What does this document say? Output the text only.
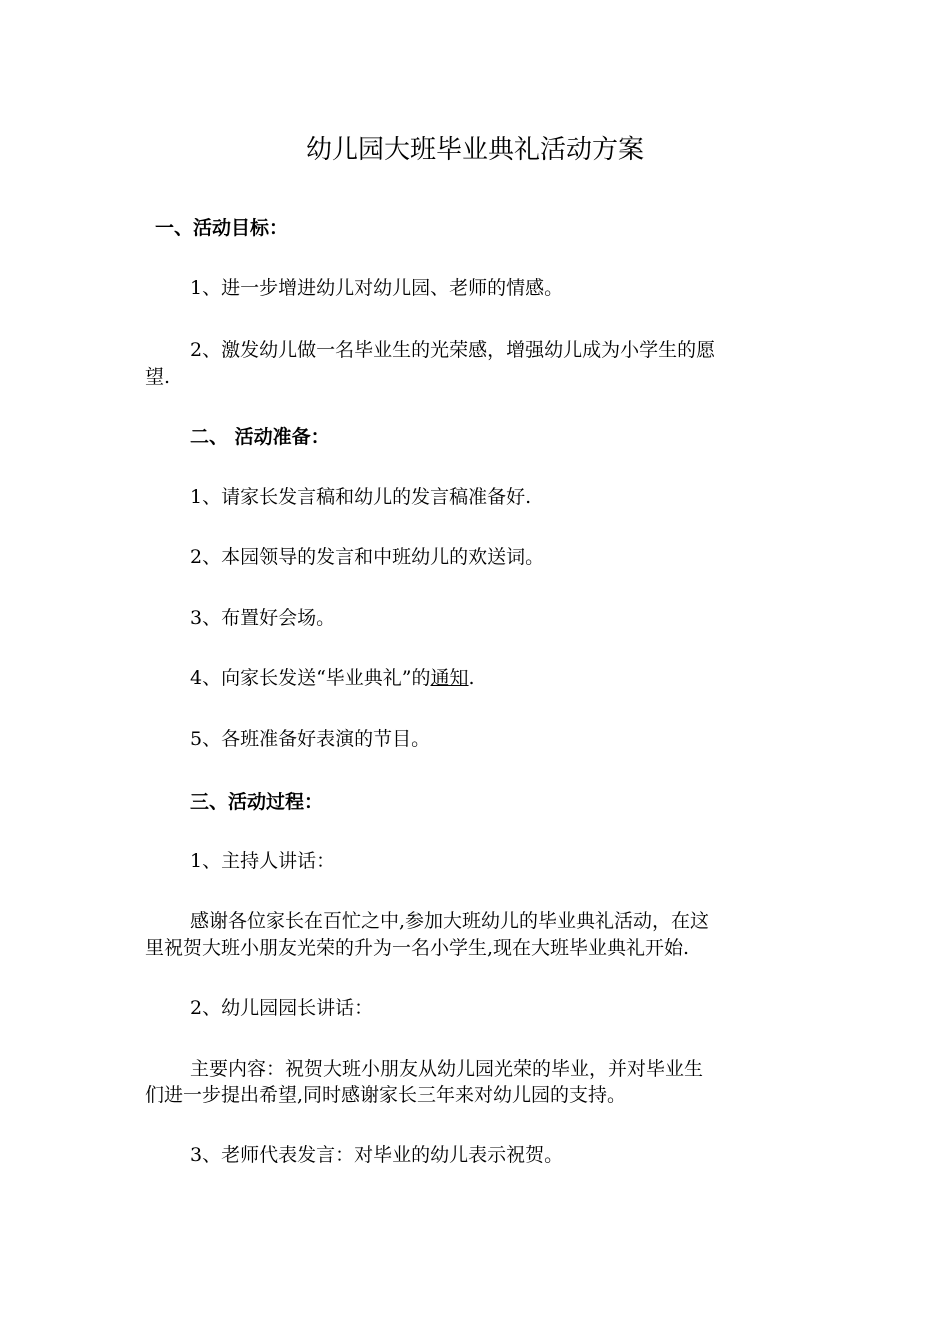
幼儿园大班毕业典礼活动方案
一、活动目标：
1、进一步增进幼儿对幼儿园、老师的情感。
2、激发幼儿做一名毕业生的光荣感，增强幼儿成为小学生的愿
望.
二、 活动准备：
1、请家长发言稿和幼儿的发言稿准备好.
2、本园领导的发言和中班幼儿的欢送词。
3、布置好会场。
4、向家长发送“毕业典礼”的通知.
5、各班准备好表演的节目。
三、活动过程：
1、主持人讲话：
感谢各位家长在百忙之中,参加大班幼儿的毕业典礼活动，在这
里祝贺大班小朋友光荣的升为一名小学生,现在大班毕业典礼开始.
2、幼儿园园长讲话：
主要内容：祝贺大班小朋友从幼儿园光荣的毕业，并对毕业生
们进一步提出希望,同时感谢家长三年来对幼儿园的支持。
3、老师代表发言：对毕业的幼儿表示祝贺。
